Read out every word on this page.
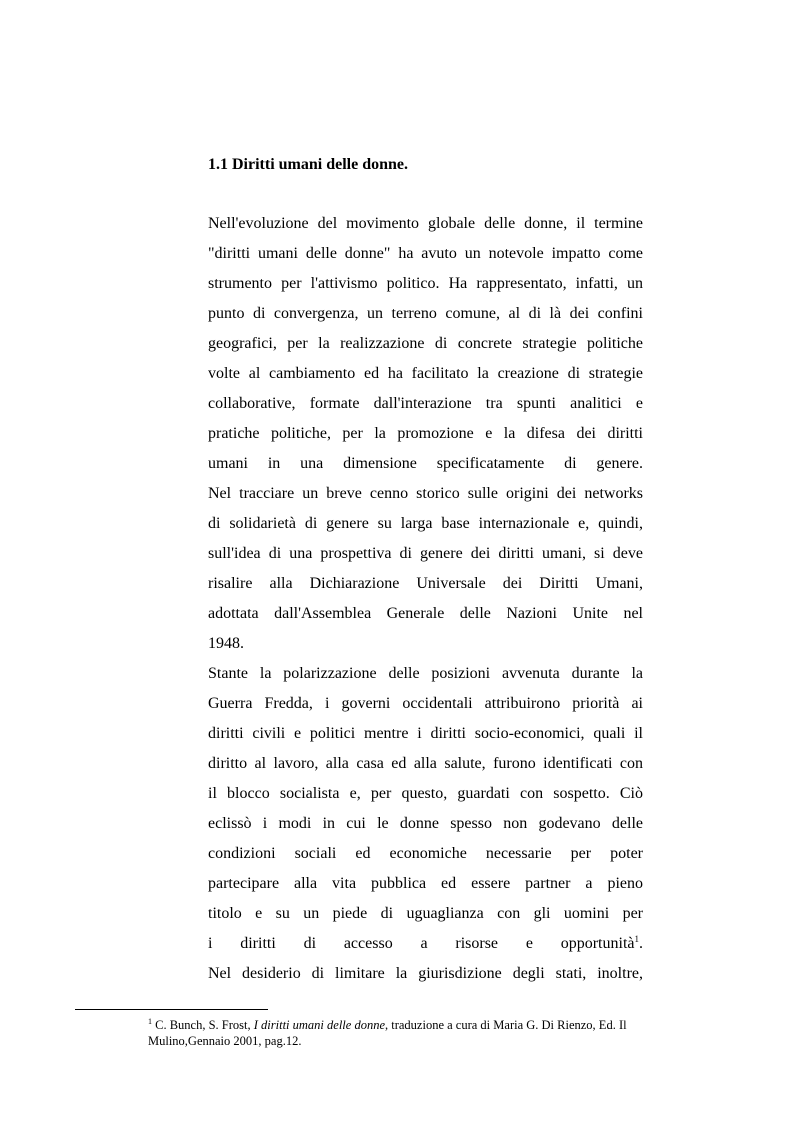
1.1 Diritti umani delle donne.
Nell'evoluzione del movimento globale delle donne, il termine
"diritti umani delle donne" ha avuto un notevole impatto come
strumento per l'attivismo politico. Ha rappresentato, infatti, un
punto di convergenza, un terreno comune, al di là dei confini
geografici, per la realizzazione di concrete strategie politiche
volte al cambiamento ed ha facilitato la creazione di strategie
collaborative, formate dall'interazione tra spunti analitici e
pratiche politiche, per la promozione e la difesa dei diritti
umani in una dimensione specificatamente di genere.
Nel tracciare un breve cenno storico sulle origini dei networks
di solidarietà di genere su larga base internazionale e, quindi,
sull'idea di una prospettiva di genere dei diritti umani, si deve
risalire alla Dichiarazione Universale dei Diritti Umani,
adottata dall'Assemblea Generale delle Nazioni Unite nel
1948.
Stante la polarizzazione delle posizioni avvenuta durante la
Guerra Fredda, i governi occidentali attribuirono priorità ai
diritti civili e politici mentre i diritti socio-economici, quali il
diritto al lavoro, alla casa ed alla salute, furono identificati con
il blocco socialista e, per questo, guardati con sospetto. Ciò
eclissò i modi in cui le donne spesso non godevano delle
condizioni sociali ed economiche necessarie per poter
partecipare alla vita pubblica ed essere partner a pieno
titolo e su un piede di uguaglianza con gli uomini per
i diritti di accesso a risorse e opportunità$^1$.
Nel desiderio di limitare la giurisdizione degli stati, inoltre,
$^1$ C. Bunch, S. Frost, I diritti umani delle donne, traduzione a cura di Maria G. Di Rienzo, Ed. Il
Mulino,Gennaio 2001, pag.12.
